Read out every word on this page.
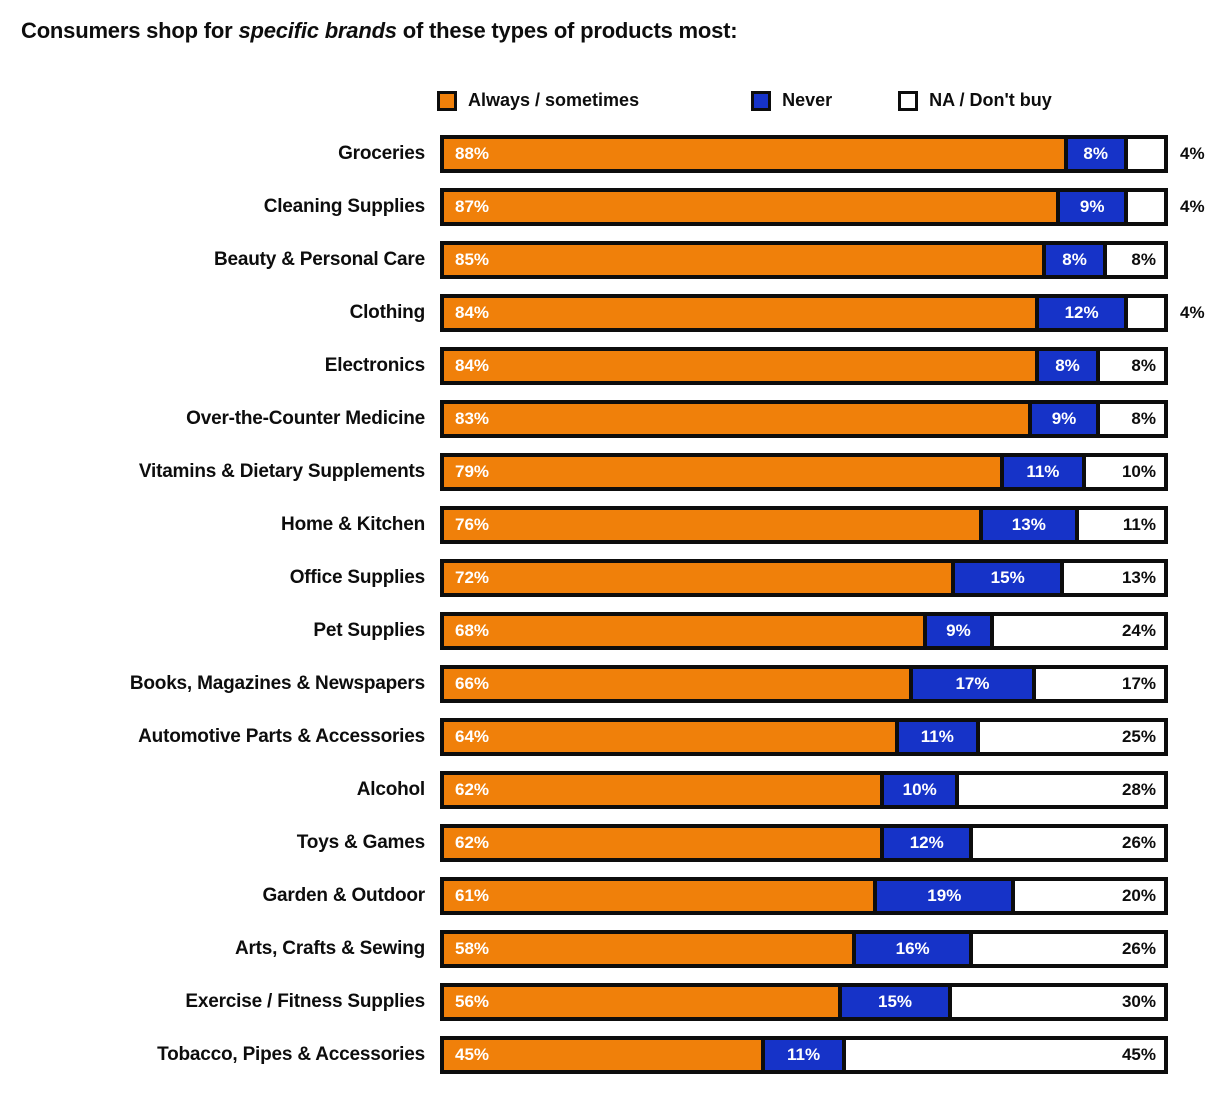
Consumers shop for specific brands of these types of products most:
Always / sometimes	Never	NA / Don't buy
Groceries	88%	8%	4%
Cleaning Supplies	87%	9%	4%
Beauty & Personal Care	85%	8%	8%
Clothing	84%	12%	4%
Electronics	84%	8%	8%
Over-the-Counter Medicine	83%	9%	8%
Vitamins & Dietary Supplements	79%	11%	10%
Home & Kitchen	76%	13%	11%
Office Supplies	72%	15%	13%
Pet Supplies	68%	9%	24%
Books, Magazines & Newspapers	66%	17%	17%
Automotive Parts & Accessories	64%	11%	25%
Alcohol	62%	10%	28%
Toys & Games	62%	12%	26%
Garden & Outdoor	61%	19%	20%
Arts, Crafts & Sewing	58%	16%	26%
Exercise / Fitness Supplies	56%	15%	30%
Tobacco, Pipes & Accessories	45%	11%	45%
